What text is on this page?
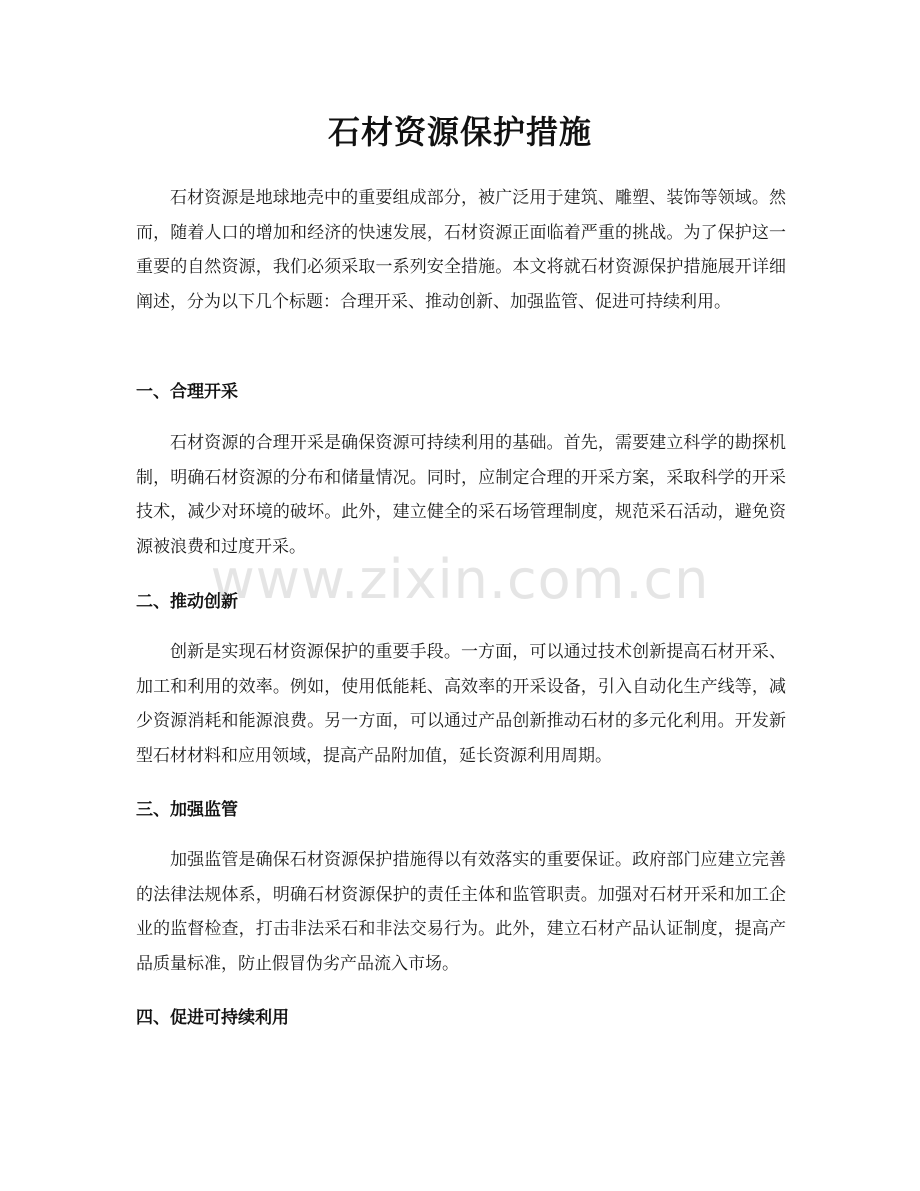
石材资源保护措施

石材资源是地球地壳中的重要组成部分，被广泛用于建筑、雕塑、装饰等领域。然而，随着人口的增加和经济的快速发展，石材资源正面临着严重的挑战。为了保护这一重要的自然资源，我们必须采取一系列安全措施。本文将就石材资源保护措施展开详细阐述，分为以下几个标题：合理开采、推动创新、加强监管、促进可持续利用。

一、合理开采

石材资源的合理开采是确保资源可持续利用的基础。首先，需要建立科学的勘探机制，明确石材资源的分布和储量情况。同时，应制定合理的开采方案，采取科学的开采技术，减少对环境的破坏。此外，建立健全的采石场管理制度，规范采石活动，避免资源被浪费和过度开采。

二、推动创新

创新是实现石材资源保护的重要手段。一方面，可以通过技术创新提高石材开采、加工和利用的效率。例如，使用低能耗、高效率的开采设备，引入自动化生产线等，减少资源消耗和能源浪费。另一方面，可以通过产品创新推动石材的多元化利用。开发新型石材材料和应用领域，提高产品附加值，延长资源利用周期。

三、加强监管

加强监管是确保石材资源保护措施得以有效落实的重要保证。政府部门应建立完善的法律法规体系，明确石材资源保护的责任主体和监管职责。加强对石材开采和加工企业的监督检查，打击非法采石和非法交易行为。此外，建立石材产品认证制度，提高产品质量标准，防止假冒伪劣产品流入市场。

四、促进可持续利用
www.zixin.com.cn
